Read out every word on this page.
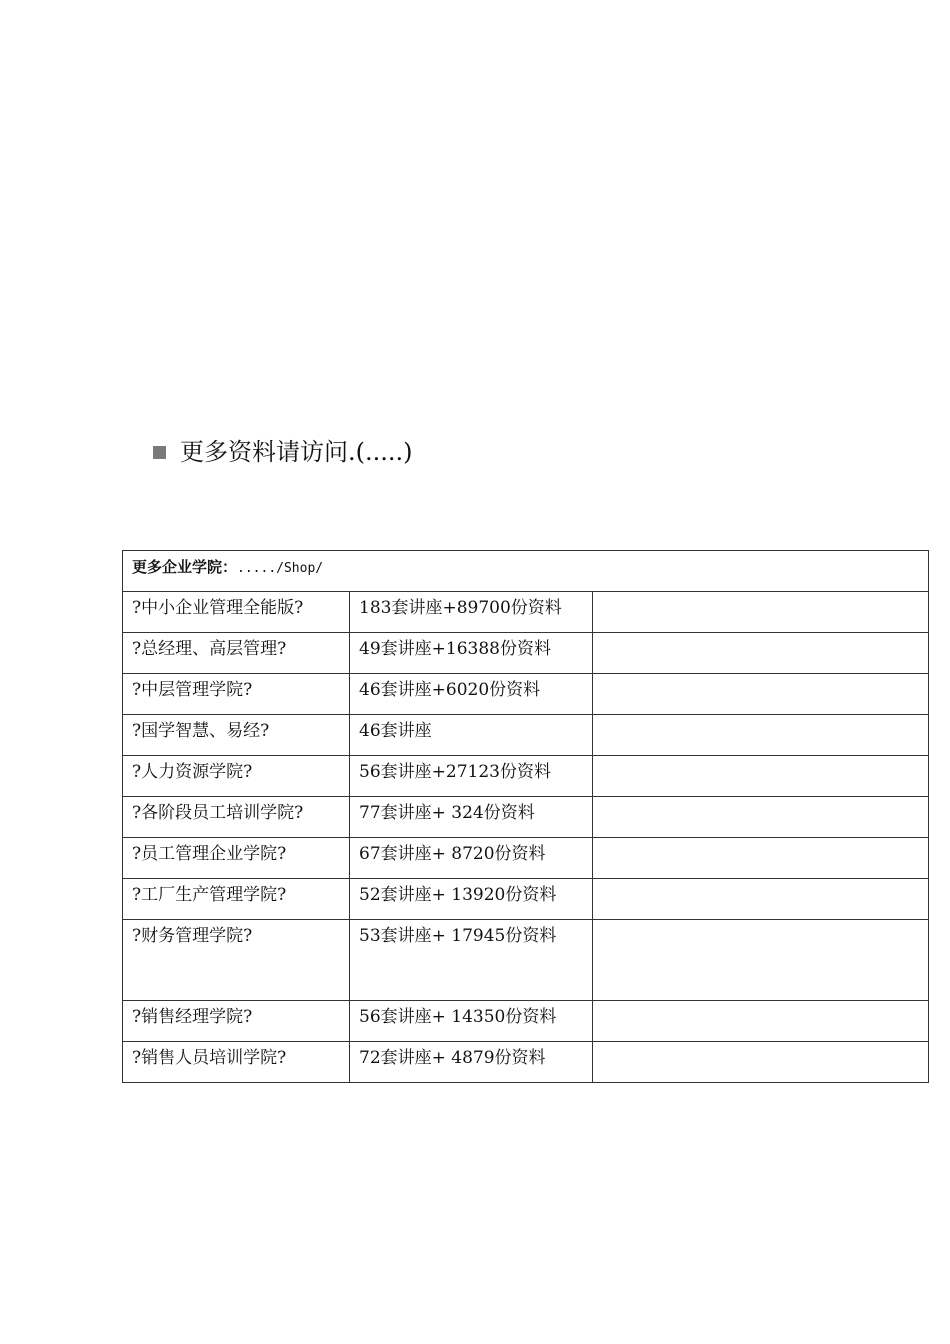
更多资料请访问.(.....)
更多企业学院：...../Shop/		

?中小企业管理全能版?	183套讲座+89700份资料	

?总经理、高层管理?	49套讲座+16388份资料	

?中层管理学院?	46套讲座+6020份资料	

?国学智慧、易经?	46套讲座	

?人力资源学院?	56套讲座+27123份资料	

?各阶段员工培训学院?	77套讲座+ 324份资料	

?员工管理企业学院?	67套讲座+ 8720份资料	

?工厂生产管理学院?	52套讲座+ 13920份资料	

?财务管理学院?	53套讲座+ 17945份资料	

?销售经理学院?	56套讲座+ 14350份资料	

?销售人员培训学院?	72套讲座+ 4879份资料	
